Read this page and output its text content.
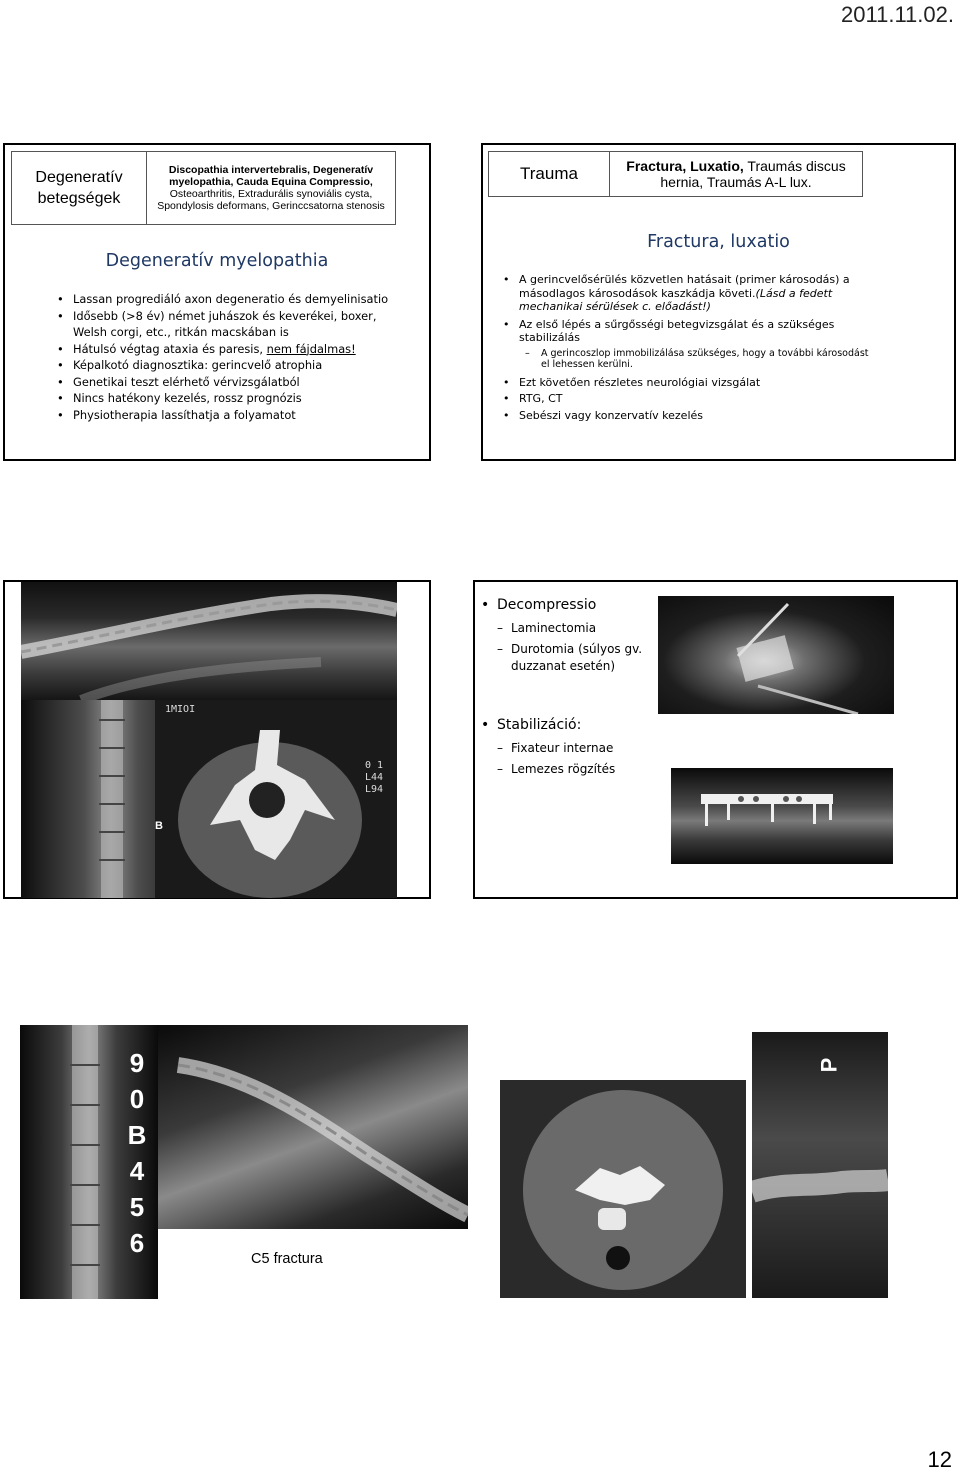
2011.11.02.
12
Degeneratív betegségek	Discopathia intervertebralis, Degeneratív myelopathia, Cauda Equina Compressio, Osteoarthritis, Extradurális synoviális cysta, Spondylosis deformans, Gerinccsatorna stenosis
Degeneratív myelopathia
• Lassan progrediáló axon degeneratio és demyelinisatio
• Idősebb (>8 év) német juhászok és keverékei, boxer, Welsh corgi, etc., ritkán macskában is
• Hátulsó végtag ataxia és paresis, nem fájdalmas!
• Képalkotó diagnosztika: gerincvelő atrophia
• Genetikai teszt elérhető vérvizsgálatból
• Nincs hatékony kezelés, rossz prognózis
• Physiotherapia lassíthatja a folyamatot
Trauma	Fractura, Luxatio, Traumás discus hernia, Traumás A-L lux.
Fractura, luxatio
• A gerincvelősérülés közvetlen hatásait (primer károsodás) a másodlagos károsodások kaszkádja követi.(Lásd a fedett mechanikai sérülések c. előadást!)
• Az első lépés a sűrgősségi betegvizsgálat és a szükséges stabilizálás
– A gerincoszlop immobilizálása szükséges, hogy a további károsodást el lehessen kerülni.
• Ezt követően részletes neurológiai vizsgálat
• RTG, CT
• Sebészi vagy konzervatív kezelés
1MIOI
0 1 L44 L94
B
• Decompressio
– Laminectomia
– Durotomia (súlyos gv. duzzanat esetén)
• Stabilizáció:
– Fixateur internae
– Lemezes rögzítés
9 0 B 4 5 6
C5 fractura
P
